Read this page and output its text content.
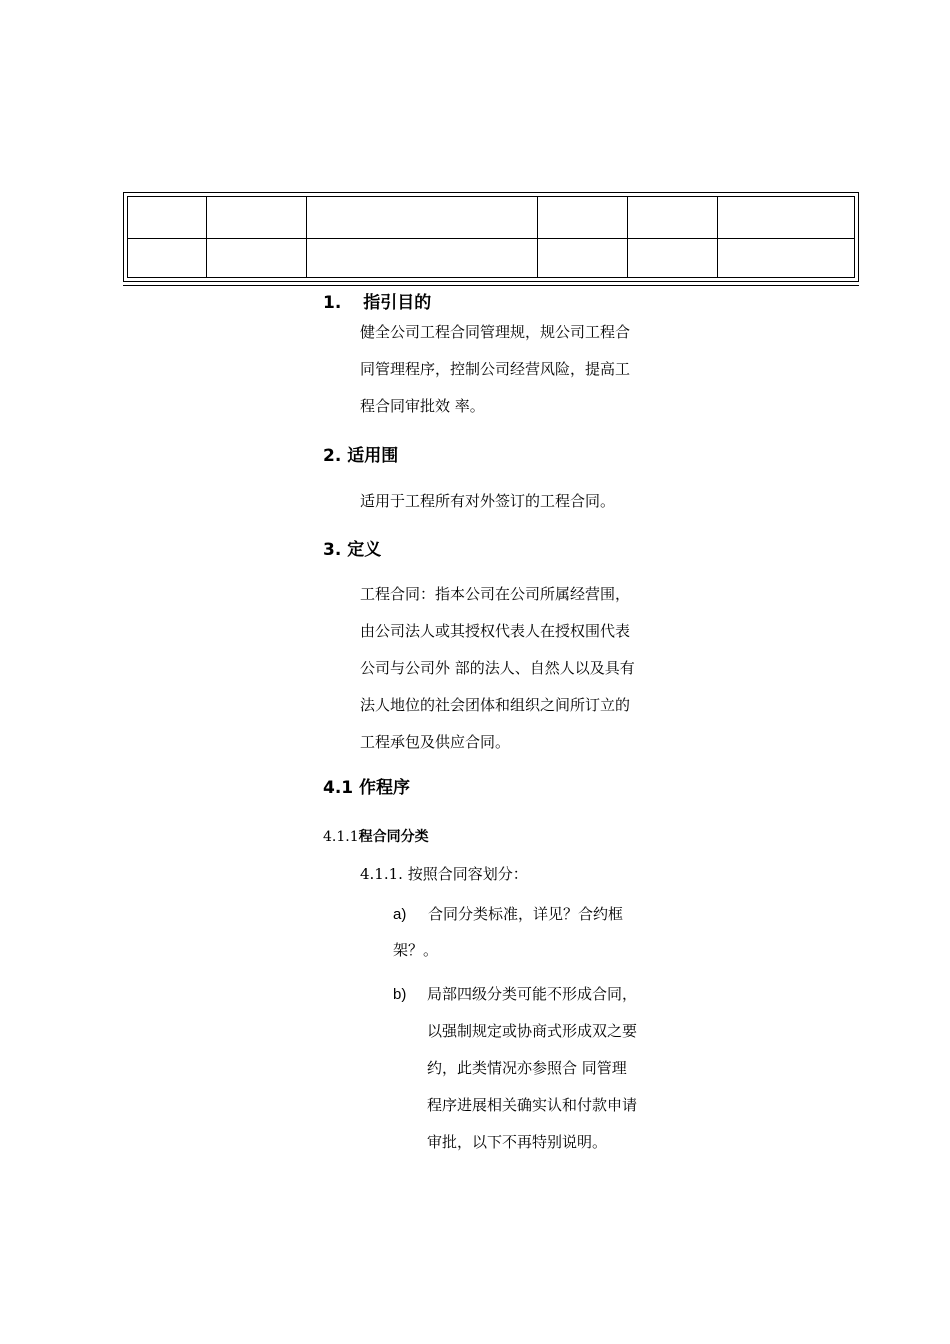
1. 指引目的
健全公司工程合同管理规，规公司工程合
同管理程序，控制公司经营风险，提高工
程合同审批效 率。
2. 适用围
适用于工程所有对外签订的工程合同。
3. 定义
工程合同：指本公司在公司所属经营围，
由公司法人或其授权代表人在授权围代表
公司与公司外 部的法人、自然人以及具有
法人地位的社会团体和组织之间所订立的
工程承包及供应合同。
4.1 作程序
4.1.1程合同分类
4.1.1. 按照合同容划分：
a) 合同分类标准，详见？合约框
架？。
b) 局部四级分类可能不形成合同，
以强制规定或协商式形成双之要
约，此类情况亦参照合 同管理
程序进展相关确实认和付款申请
审批，以下不再特别说明。
